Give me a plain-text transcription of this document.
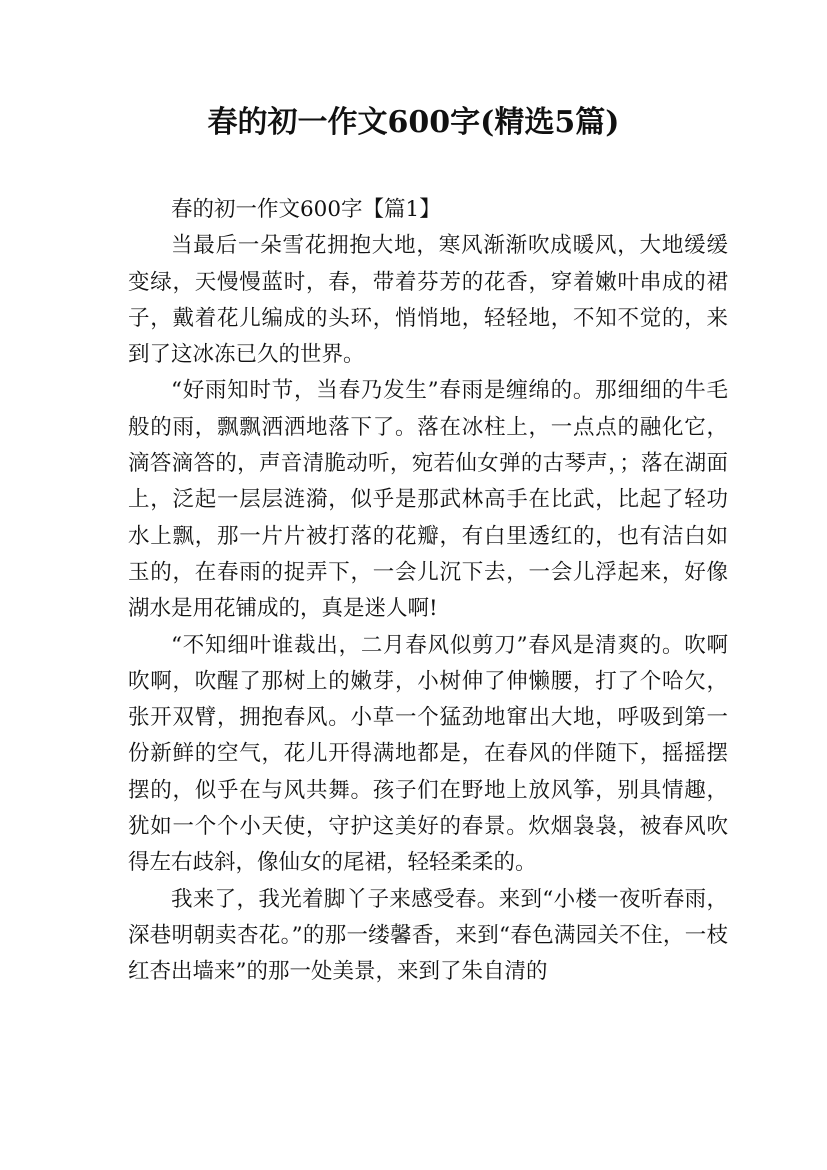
春的初一作文600字(精选5篇)

春的初一作文600字【篇1】

当最后一朵雪花拥抱大地，寒风渐渐吹成暖风，大地缓缓变绿，天慢慢蓝时，春，带着芬芳的花香，穿着嫩叶串成的裙子，戴着花儿编成的头环，悄悄地，轻轻地，不知不觉的，来到了这冰冻已久的世界。

“好雨知时节，当春乃发生”春雨是缠绵的。那细细的牛毛般的雨，飘飘洒洒地落下了。落在冰柱上，一点点的融化它，滴答滴答的，声音清脆动听，宛若仙女弹的古琴声，；落在湖面上，泛起一层层涟漪，似乎是那武林高手在比武，比起了轻功水上飘，那一片片被打落的花瓣，有白里透红的，也有洁白如玉的，在春雨的捉弄下，一会儿沉下去，一会儿浮起来，好像湖水是用花铺成的，真是迷人啊!

“不知细叶谁裁出，二月春风似剪刀”春风是清爽的。吹啊吹啊，吹醒了那树上的嫩芽，小树伸了伸懒腰，打了个哈欠，张开双臂，拥抱春风。小草一个猛劲地窜出大地，呼吸到第一份新鲜的空气，花儿开得满地都是，在春风的伴随下，摇摇摆摆的，似乎在与风共舞。孩子们在野地上放风筝，别具情趣，犹如一个个小天使，守护这美好的春景。炊烟袅袅，被春风吹得左右歧斜，像仙女的尾裙，轻轻柔柔的。

我来了，我光着脚丫子来感受春。来到“小楼一夜听春雨，深巷明朝卖杏花。”的那一缕馨香，来到“春色满园关不住，一枝红杏出墙来”的那一处美景，来到了朱自清的
